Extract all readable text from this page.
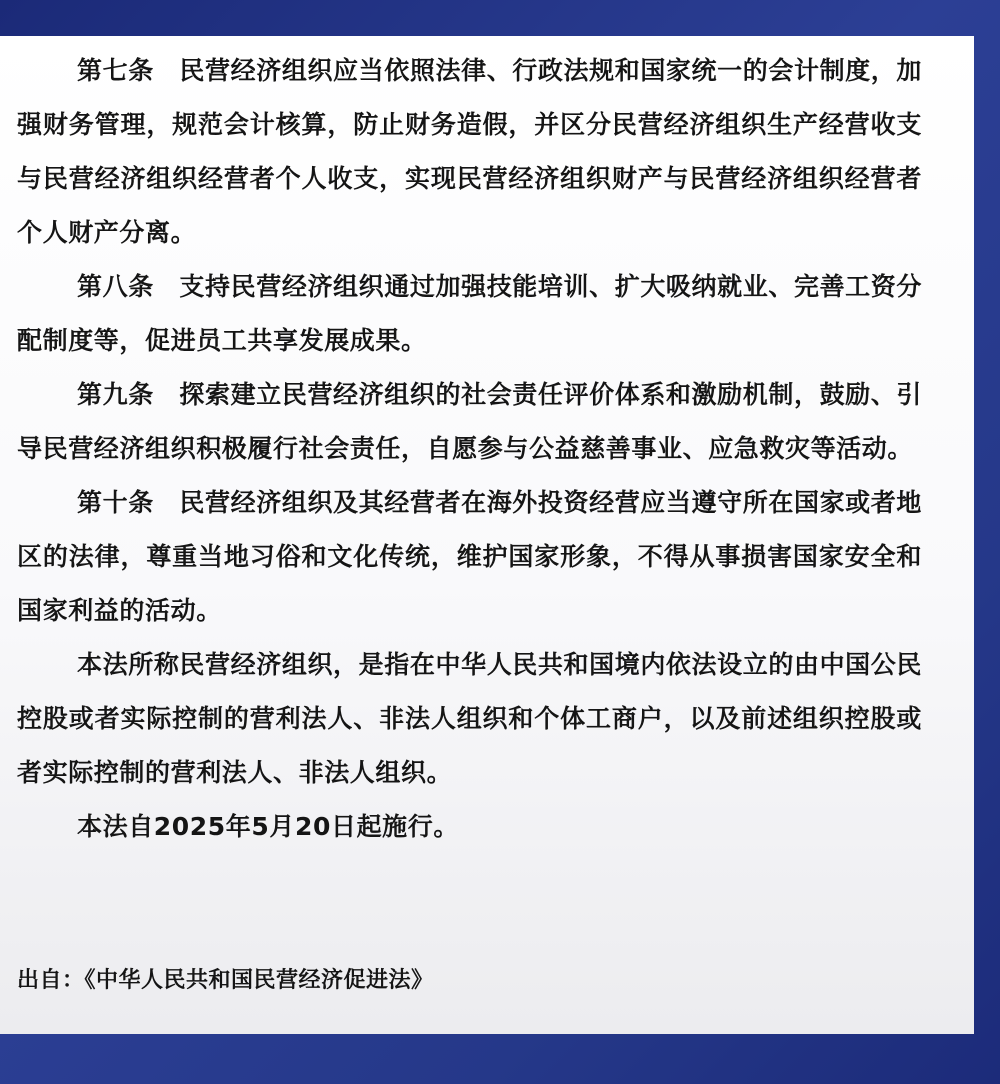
第七条　民营经济组织应当依照法律、行政法规和国家统一的会计制度，加强财务管理，规范会计核算，防止财务造假，并区分民营经济组织生产经营收支与民营经济组织经营者个人收支，实现民营经济组织财产与民营经济组织经营者个人财产分离。

第八条　支持民营经济组织通过加强技能培训、扩大吸纳就业、完善工资分配制度等，促进员工共享发展成果。

第九条　探索建立民营经济组织的社会责任评价体系和激励机制，鼓励、引导民营经济组织积极履行社会责任，自愿参与公益慈善事业、应急救灾等活动。

第十条　民营经济组织及其经营者在海外投资经营应当遵守所在国家或者地区的法律，尊重当地习俗和文化传统，维护国家形象，不得从事损害国家安全和国家利益的活动。

本法所称民营经济组织，是指在中华人民共和国境内依法设立的由中国公民控股或者实际控制的营利法人、非法人组织和个体工商户，以及前述组织控股或者实际控制的营利法人、非法人组织。

本法自2025年5月20日起施行。

出自：《中华人民共和国民营经济促进法》
